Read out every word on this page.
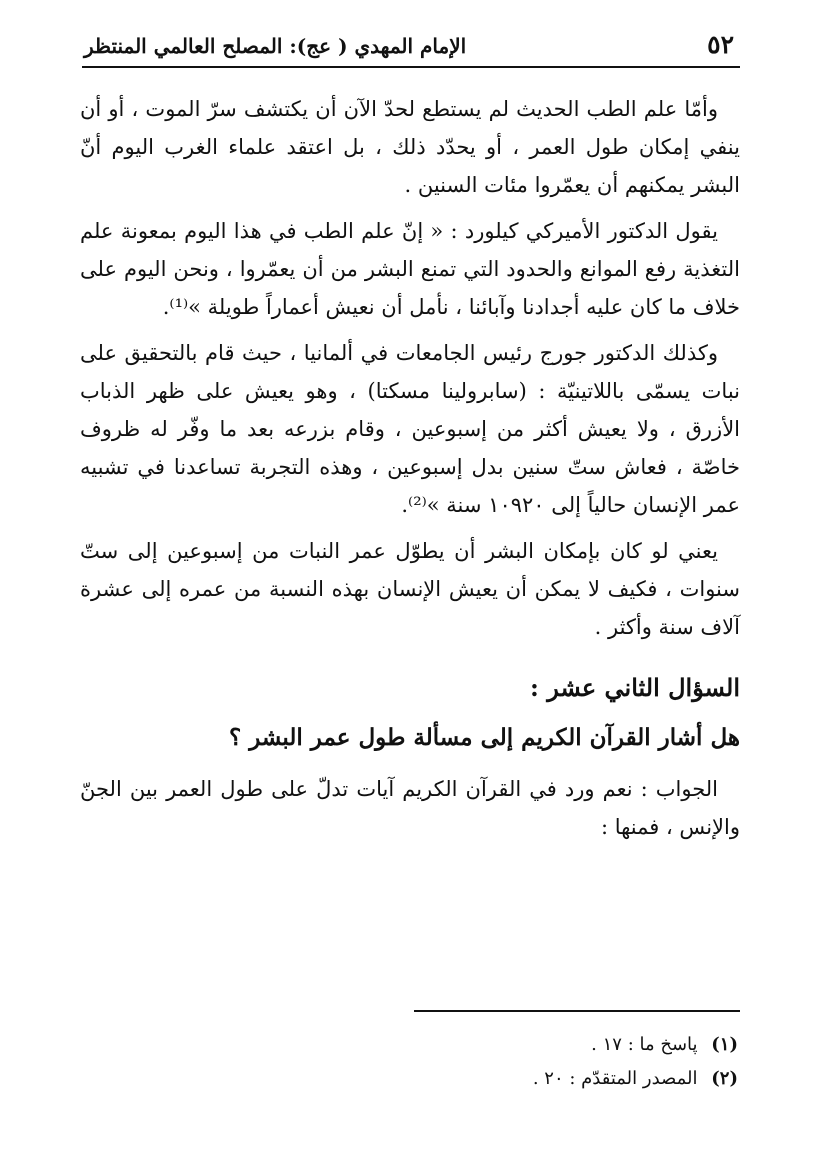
٥٢
الإمام المهدي ( عج): المصلح العالمي المنتظر

وأمّا علم الطب الحديث لم يستطع لحدّ الآن أن يكتشف سرّ الموت ، أو أن ينفي إمكان طول العمر ، أو يحدّد ذلك ، بل اعتقد علماء الغرب اليوم أنّ البشر يمكنهم أن يعمّروا مئات السنين .

يقول الدكتور الأميركي كيلورد : « إنّ علم الطب في هذا اليوم بمعونة علم التغذية رفع الموانع والحدود التي تمنع البشر من أن يعمّروا ، ونحن اليوم على خلاف ما كان عليه أجدادنا وآبائنا ، نأمل أن نعيش أعماراً طويلة »⁽¹⁾.

وكذلك الدكتور جورج رئيس الجامعات في ألمانيا ، حيث قام بالتحقيق على نبات يسمّى باللاتينيّة : (سابرولينا مسكتا) ، وهو يعيش على ظهر الذباب الأزرق ، ولا يعيش أكثر من إسبوعين ، وقام بزرعه بعد ما وفّر له ظروف خاصّة ، فعاش ستّ سنين بدل إسبوعين ، وهذه التجربة تساعدنا في تشبيه عمر الإنسان حالياً إلى ١٠٩٢٠ سنة »⁽²⁾.

يعني لو كان بإمكان البشر أن يطوّل عمر النبات من إسبوعين إلى ستّ سنوات ، فكيف لا يمكن أن يعيش الإنسان بهذه النسبة من عمره إلى عشرة آلاف سنة وأكثر .

السؤال الثاني عشر :
هل أشار القرآن الكريم إلى مسألة طول عمر البشر ؟

الجواب : نعم ورد في القرآن الكريم آيات تدلّ على طول العمر بين الجنّ والإنس ، فمنها :

(١) پاسخ ما : ١٧ .
(٢) المصدر المتقدّم : ٢٠ .
